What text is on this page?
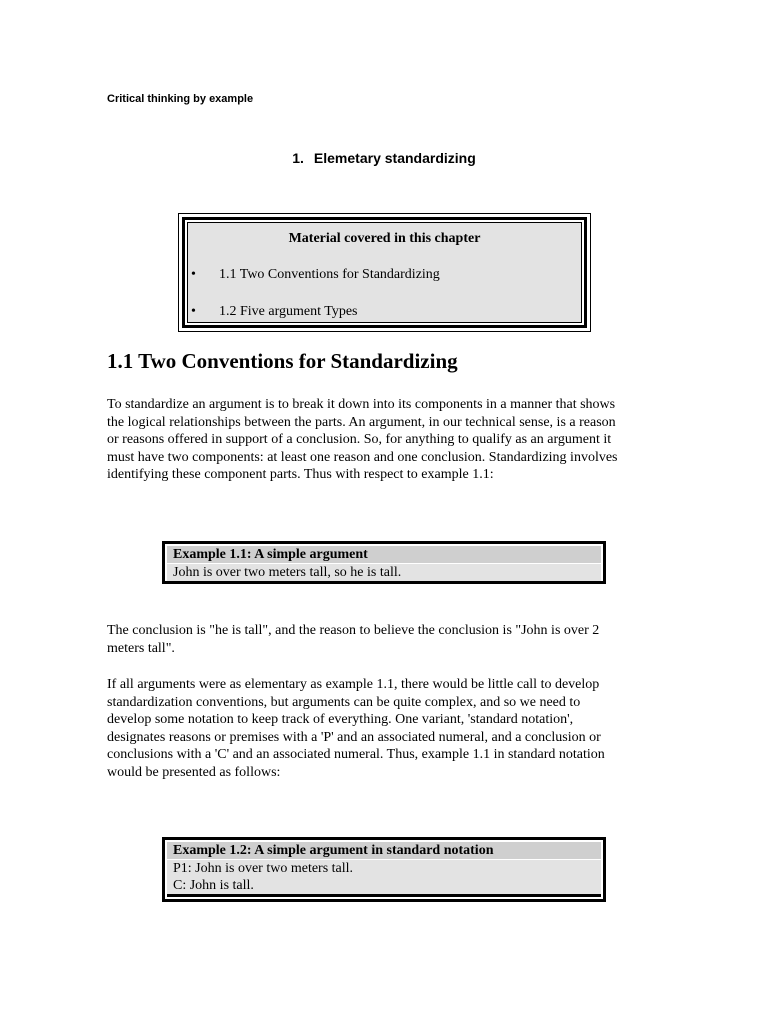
Critical thinking by example
1. Elemetary standardizing
Material covered in this chapter
• 1.1 Two Conventions for Standardizing
• 1.2 Five argument Types
1.1 Two Conventions for Standardizing

To standardize an argument is to break it down into its components in a manner that shows
the logical relationships between the parts. An argument, in our technical sense, is a reason
or reasons offered in support of a conclusion. So, for anything to qualify as an argument it
must have two components: at least one reason and one conclusion. Standardizing involves
identifying these component parts. Thus with respect to example 1.1:

Example 1.1: A simple argument
John is over two meters tall, so he is tall.

The conclusion is "he is tall", and the reason to believe the conclusion is "John is over 2
meters tall".

If all arguments were as elementary as example 1.1, there would be little call to develop
standardization conventions, but arguments can be quite complex, and so we need to
develop some notation to keep track of everything. One variant, 'standard notation',
designates reasons or premises with a 'P' and an associated numeral, and a conclusion or
conclusions with a 'C' and an associated numeral. Thus, example 1.1 in standard notation
would be presented as follows:

Example 1.2: A simple argument in standard notation
P1: John is over two meters tall.
C: John is tall.
